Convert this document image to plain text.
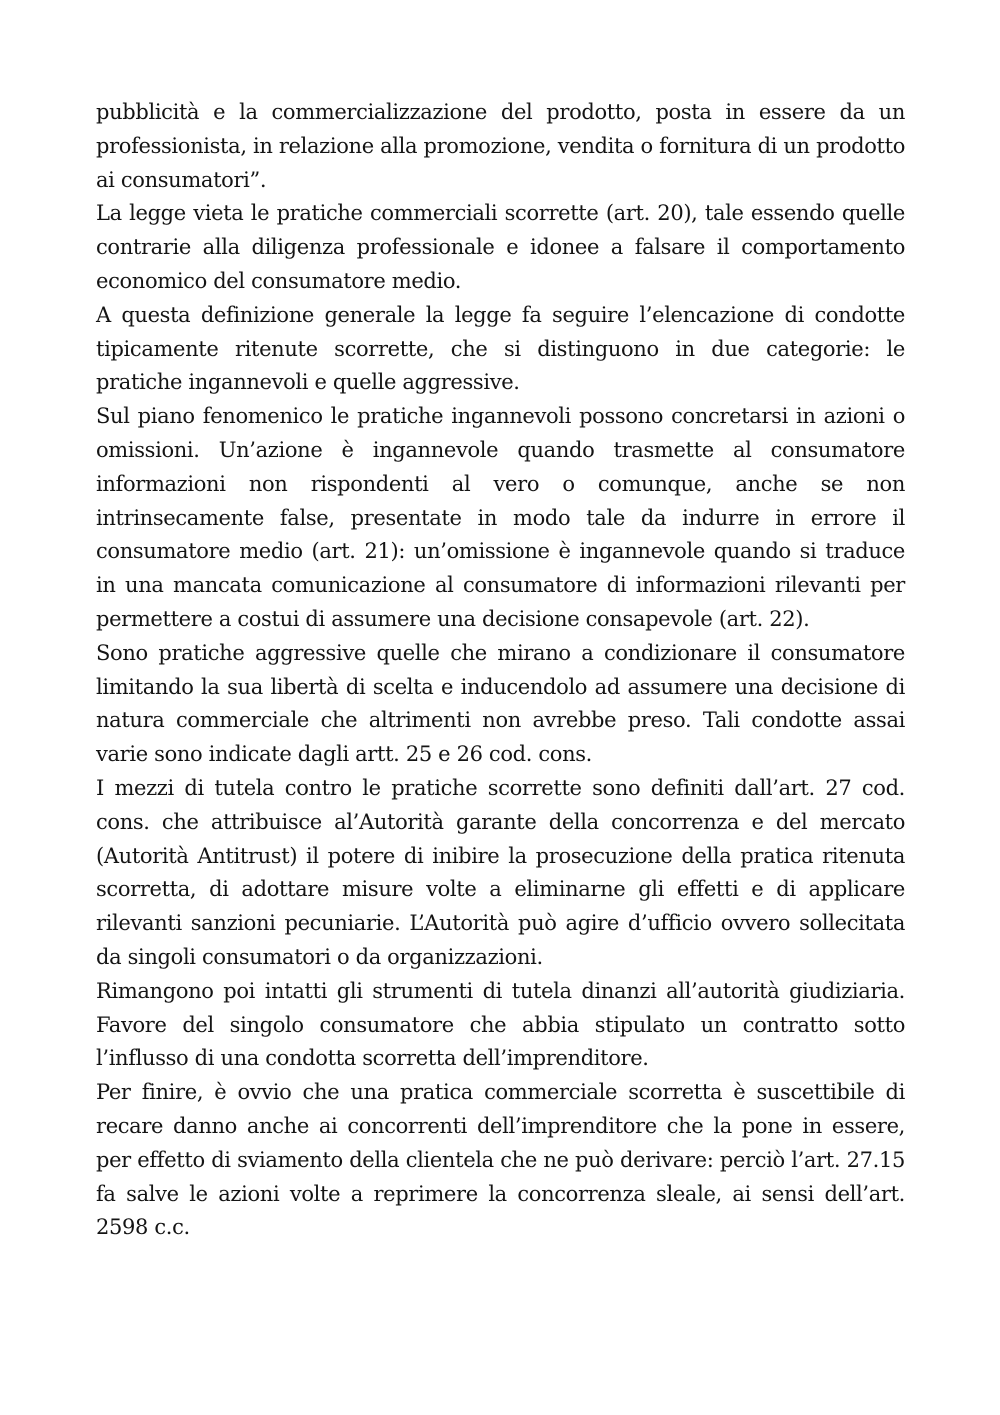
pubblicità e la commercializzazione del prodotto, posta in essere da un professionista, in relazione alla promozione, vendita o fornitura di un prodotto ai consumatori”.

La legge vieta le pratiche commerciali scorrette (art. 20), tale essendo quelle contrarie alla diligenza professionale e idonee a falsare il comportamento economico del consumatore medio.

A questa definizione generale la legge fa seguire l’elencazione di condotte tipicamente ritenute scorrette, che si distinguono in due categorie: le pratiche ingannevoli e quelle aggressive.

Sul piano fenomenico le pratiche ingannevoli possono concretarsi in azioni o omissioni. Un’azione è ingannevole quando trasmette al consumatore informazioni non rispondenti al vero o comunque, anche se non intrinsecamente false, presentate in modo tale da indurre in errore il consumatore medio (art. 21): un’omissione è ingannevole quando si traduce in una mancata comunicazione al consumatore di informazioni rilevanti per permettere a costui di assumere una decisione consapevole (art. 22).

Sono pratiche aggressive quelle che mirano a condizionare il consumatore limitando la sua libertà di scelta e inducendolo ad assumere una decisione di natura commerciale che altrimenti non avrebbe preso. Tali condotte assai varie sono indicate dagli artt. 25 e 26 cod. cons.

I mezzi di tutela contro le pratiche scorrette sono definiti dall’art. 27 cod. cons. che attribuisce al’Autorità garante della concorrenza e del mercato (Autorità Antitrust) il potere di inibire la prosecuzione della pratica ritenuta scorretta, di adottare misure volte a eliminarne gli effetti e di applicare rilevanti sanzioni pecuniarie. L’Autorità può agire d’ufficio ovvero sollecitata da singoli consumatori o da organizzazioni.

Rimangono poi intatti gli strumenti di tutela dinanzi all’autorità giudiziaria. Favore del singolo consumatore che abbia stipulato un contratto sotto l’influsso di una condotta scorretta dell’imprenditore.

Per finire, è ovvio che una pratica commerciale scorretta è suscettibile di recare danno anche ai concorrenti dell’imprenditore che la pone in essere, per effetto di sviamento della clientela che ne può derivare: perciò l’art. 27.15 fa salve le azioni volte a reprimere la concorrenza sleale, ai sensi dell’art. 2598 c.c.
